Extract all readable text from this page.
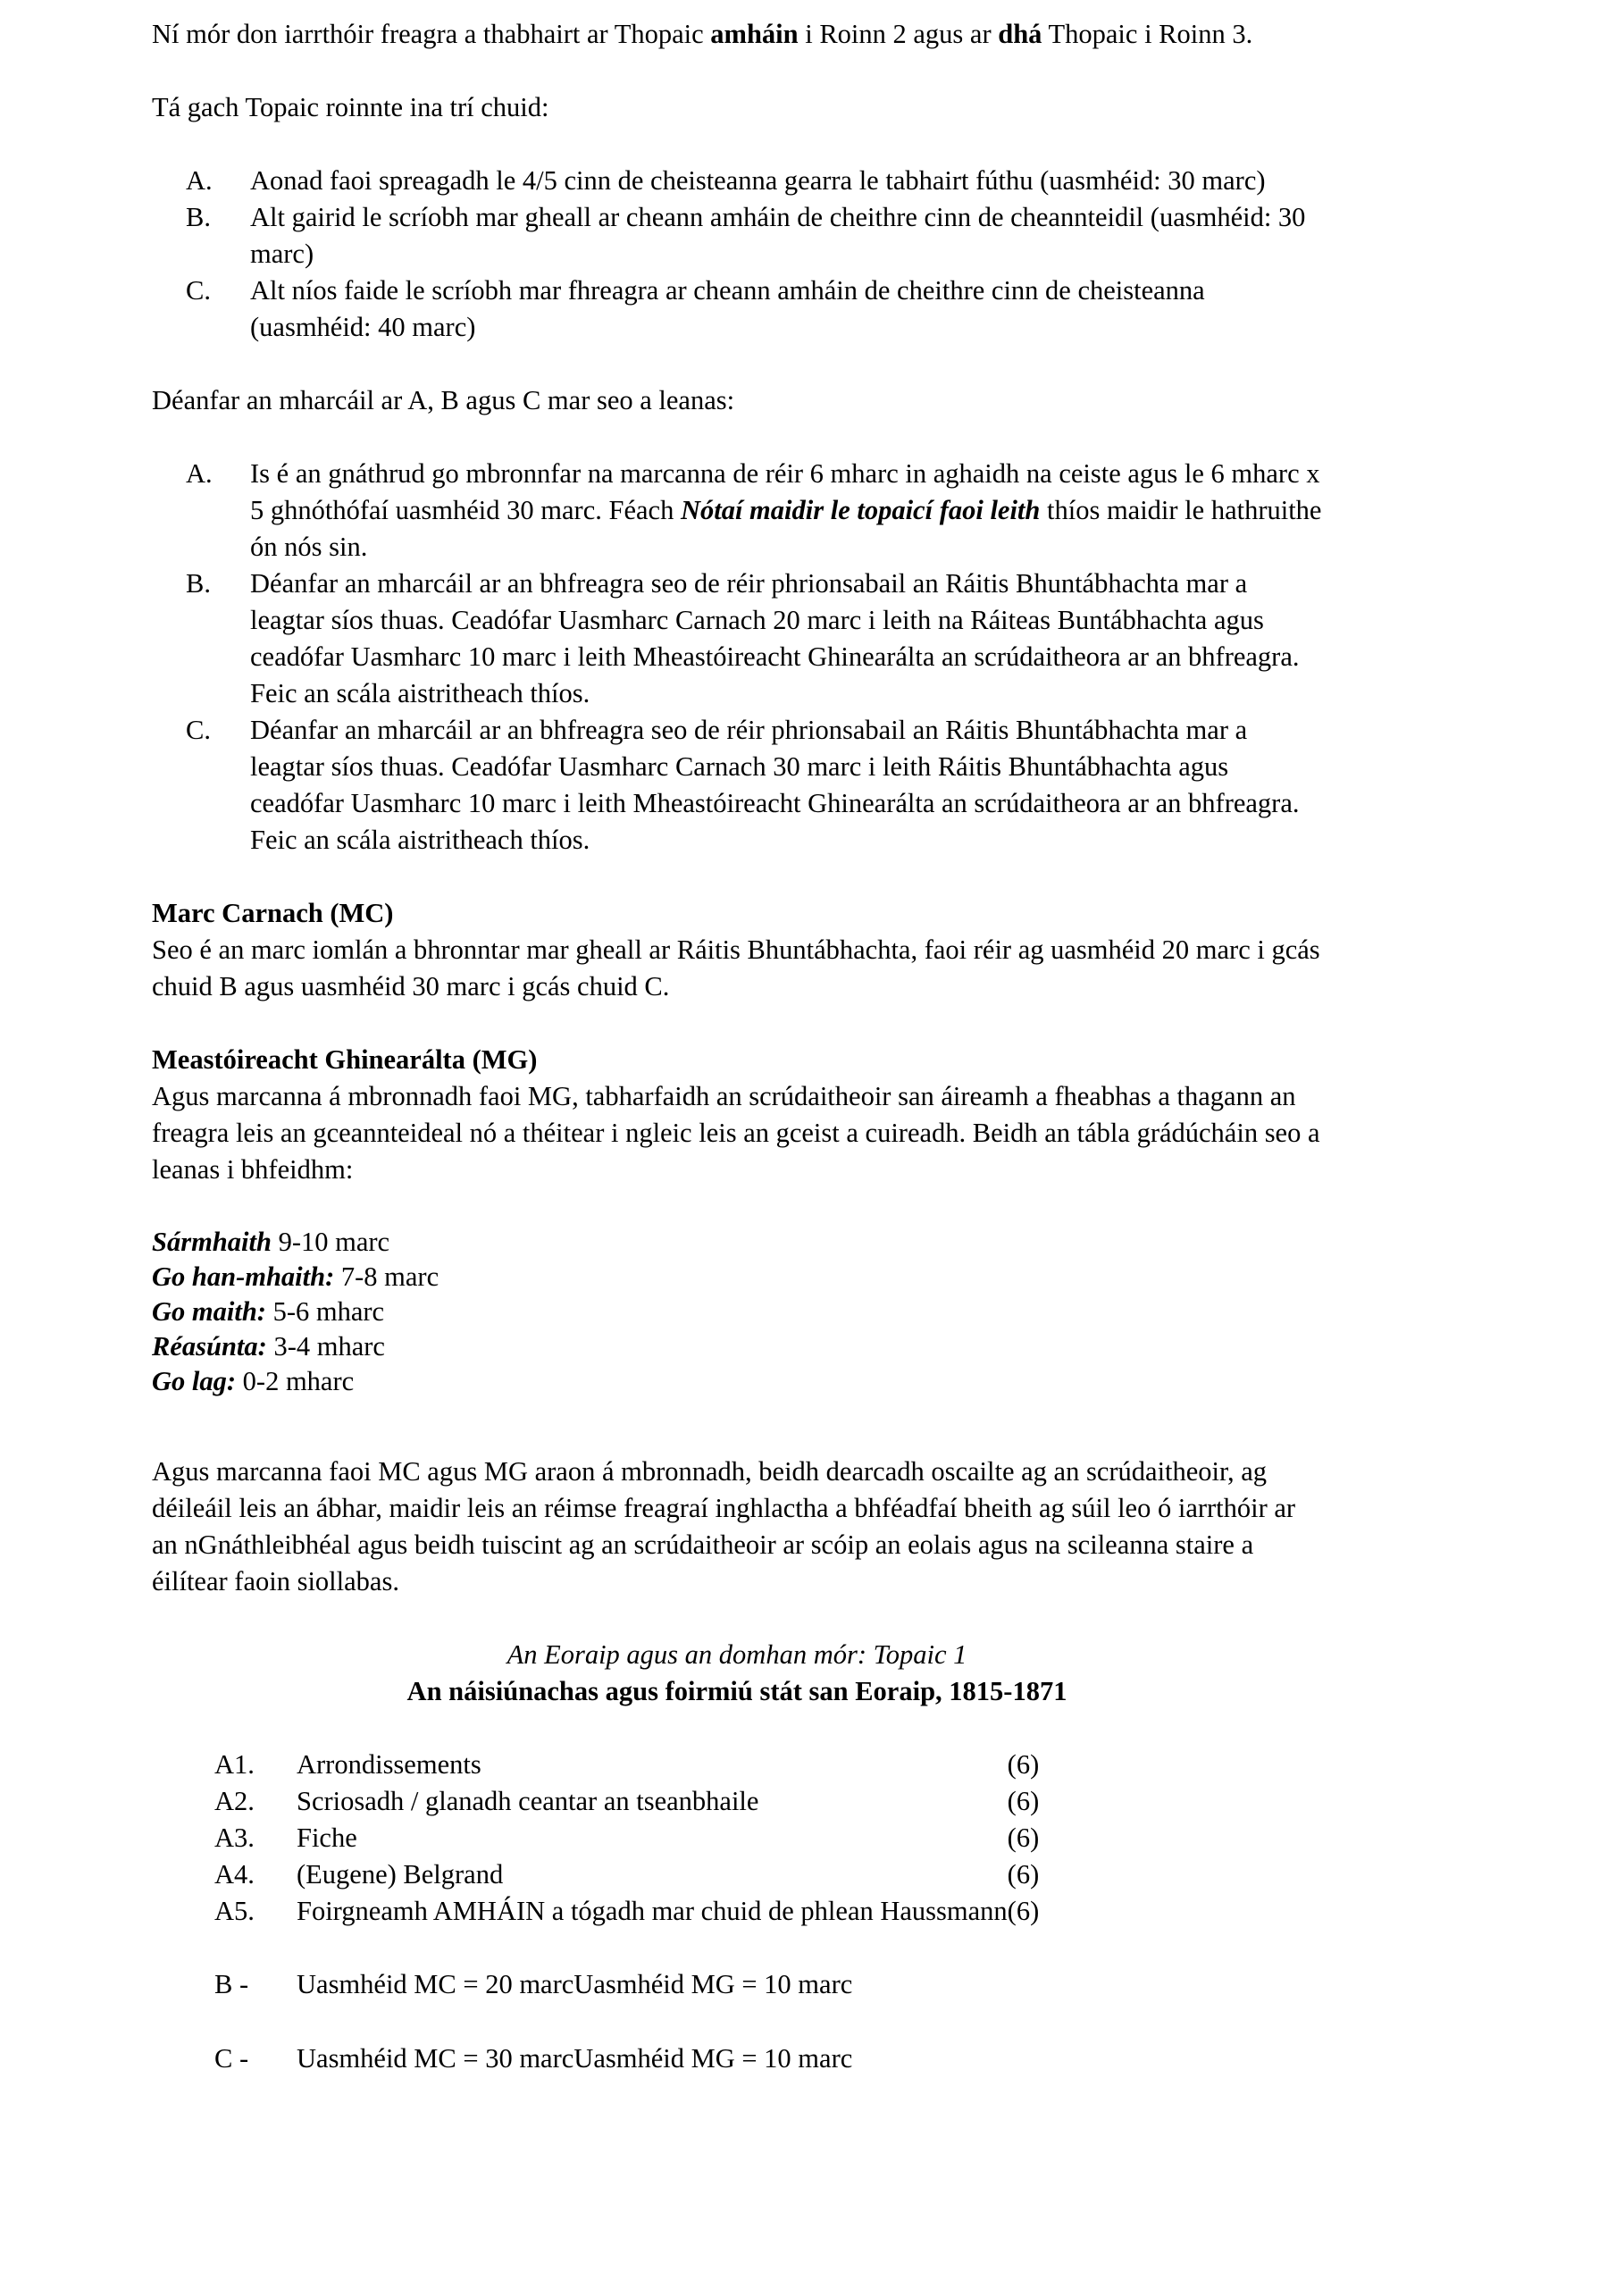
Ní mór don iarrthóir freagra a thabhairt ar Thopaic amháin i Roinn 2 agus ar dhá Thopaic i Roinn 3.

Tá gach Topaic roinnte ina trí chuid:

A.	Aonad faoi spreagadh le 4/5 cinn de cheisteanna gearra le tabhairt fúthu (uasmhéid: 30 marc)
B.	Alt gairid le scríobh mar gheall ar cheann amháin de cheithre cinn de cheannteidil (uasmhéid: 30 marc)
C.	Alt níos faide le scríobh mar fhreagra ar cheann amháin de cheithre cinn de cheisteanna (uasmhéid: 40 marc)

Déanfar an mharcáil ar A, B agus C mar seo a leanas:

A.	Is é an gnáthrud go mbronnfar na marcanna de réir 6 mharc in aghaidh na ceiste agus le 6 mharc x 5 ghnóthófaí uasmhéid 30 marc. Féach Nótaí maidir le topaicí faoi leith thíos maidir le hathruithe ón nós sin.
B.	Déanfar an mharcáil ar an bhfreagra seo de réir phrionsabail an Ráitis Bhuntábhachta mar a leagtar síos thuas. Ceadófar Uasmharc Carnach 20 marc i leith na Ráiteas Buntábhachta agus ceadófar Uasmharc 10 marc i leith Mheastóireacht Ghinearálta an scrúdaitheora ar an bhfreagra. Feic an scála aistritheach thíos.
C.	Déanfar an mharcáil ar an bhfreagra seo de réir phrionsabail an Ráitis Bhuntábhachta mar a leagtar síos thuas. Ceadófar Uasmharc Carnach 30 marc i leith Ráitis Bhuntábhachta agus ceadófar Uasmharc 10 marc i leith Mheastóireacht Ghinearálta an scrúdaitheora ar an bhfreagra. Feic an scála aistritheach thíos.
Marc Carnach (MC)

Seo é an marc iomlán a bhronntar mar gheall ar Ráitis Bhuntábhachta, faoi réir ag uasmhéid 20 marc i gcás chuid B agus uasmhéid 30 marc i gcás chuid C.

Meastóireacht Ghinearálta (MG)

Agus marcanna á mbronnadh faoi MG, tabharfaidh an scrúdaitheoir san áireamh a fheabhas a thagann an freagra leis an gceannteideal nó a théitear i ngleic leis an gceist a cuireadh. Beidh an tábla grádúcháin seo a leanas i bhfeidhm:

Sármhaith 9-10 marc
Go han-mhaith: 7-8 marc
Go maith: 5-6 mharc
Réasúnta: 3-4 mharc
Go lag: 0-2 mharc

Agus marcanna faoi MC agus MG araon á mbronnadh, beidh dearcadh oscailte ag an scrúdaitheoir, ag déileáil leis an ábhar, maidir leis an réimse freagraí inghlactha a bhféadfaí bheith ag súil leo ó iarrthóir ar an nGnáthleibhéal agus beidh tuiscint ag an scrúdaitheoir ar scóip an eolais agus na scileanna staire a éilítear faoin siollabas.

An Eoraip agus an domhan mór: Topaic 1
An náisiúnachas agus foirmiú stát san Eoraip, 1815-1871
A1.	Arrondissements	(6)
A2.	Scriosadh / glanadh ceantar an tseanbhaile	(6)
A3.	Fiche	(6)
A4.	(Eugene) Belgrand	(6)
A5.	Foirgneamh AMHÁIN a tógadh mar chuid de phlean Haussmann	(6)
B -	Uasmhéid MC = 20 marc	Uasmhéid MG = 10 marc

C -	Uasmhéid MC = 30 marc	Uasmhéid MG = 10 marc
